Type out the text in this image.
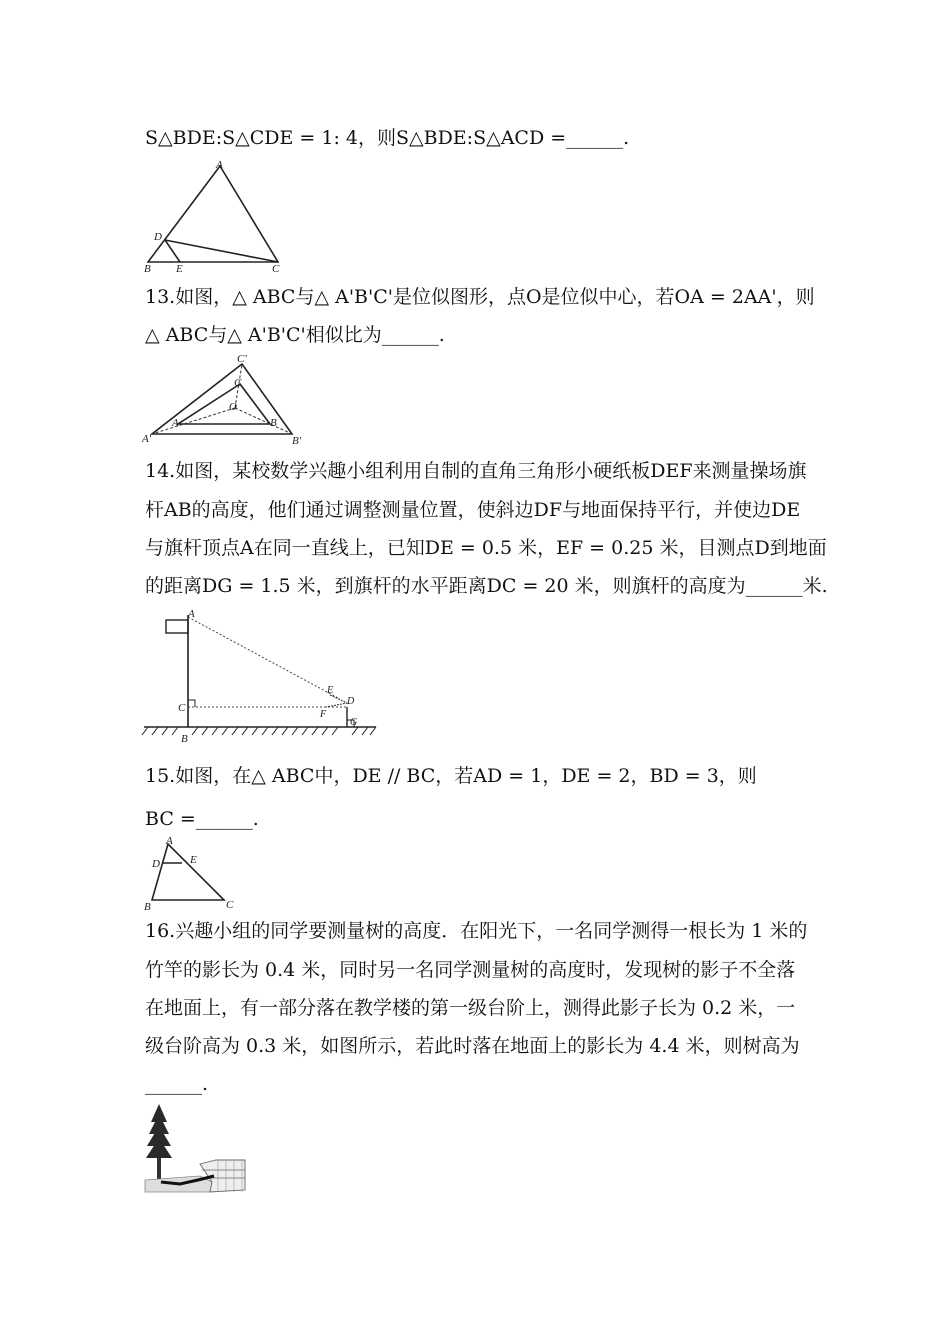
S△BDE:S△CDE = 1: 4，则S△BDE:S△ACD =______.
A
D
B E	C
13.如图，△ ABC与△ A'B'C'是位似图形，点O是位似中心，若OA = 2AA'，则
△ ABC与△ A'B'C'相似比为______.
C'
C
O
A'
A	B
B'
14.如图，某校数学兴趣小组利用自制的直角三角形小硬纸板DEF来测量操场旗
杆AB的高度，他们通过调整测量位置，使斜边DF与地面保持平行，并使边DE
与旗杆顶点A在同一直线上，已知DE = 0.5 米，EF = 0.25 米，目测点D到地面
的距离DG = 1.5 米，到旗杆的水平距离DC = 20 米，则旗杆的高度为______米.
A
C
B
E
D
F
G
15.如图，在△ ABC中，DE // BC，若AD = 1，DE = 2，BD = 3，则
BC =______.
A
D	E
B	C
16.兴趣小组的同学要测量树的高度．在阳光下，一名同学测得一根长为 1 米的
竹竿的影长为 0.4 米，同时另一名同学测量树的高度时，发现树的影子不全落
在地面上，有一部分落在教学楼的第一级台阶上，测得此影子长为 0.2 米，一
级台阶高为 0.3 米，如图所示，若此时落在地面上的影长为 4.4 米，则树高为
______.
